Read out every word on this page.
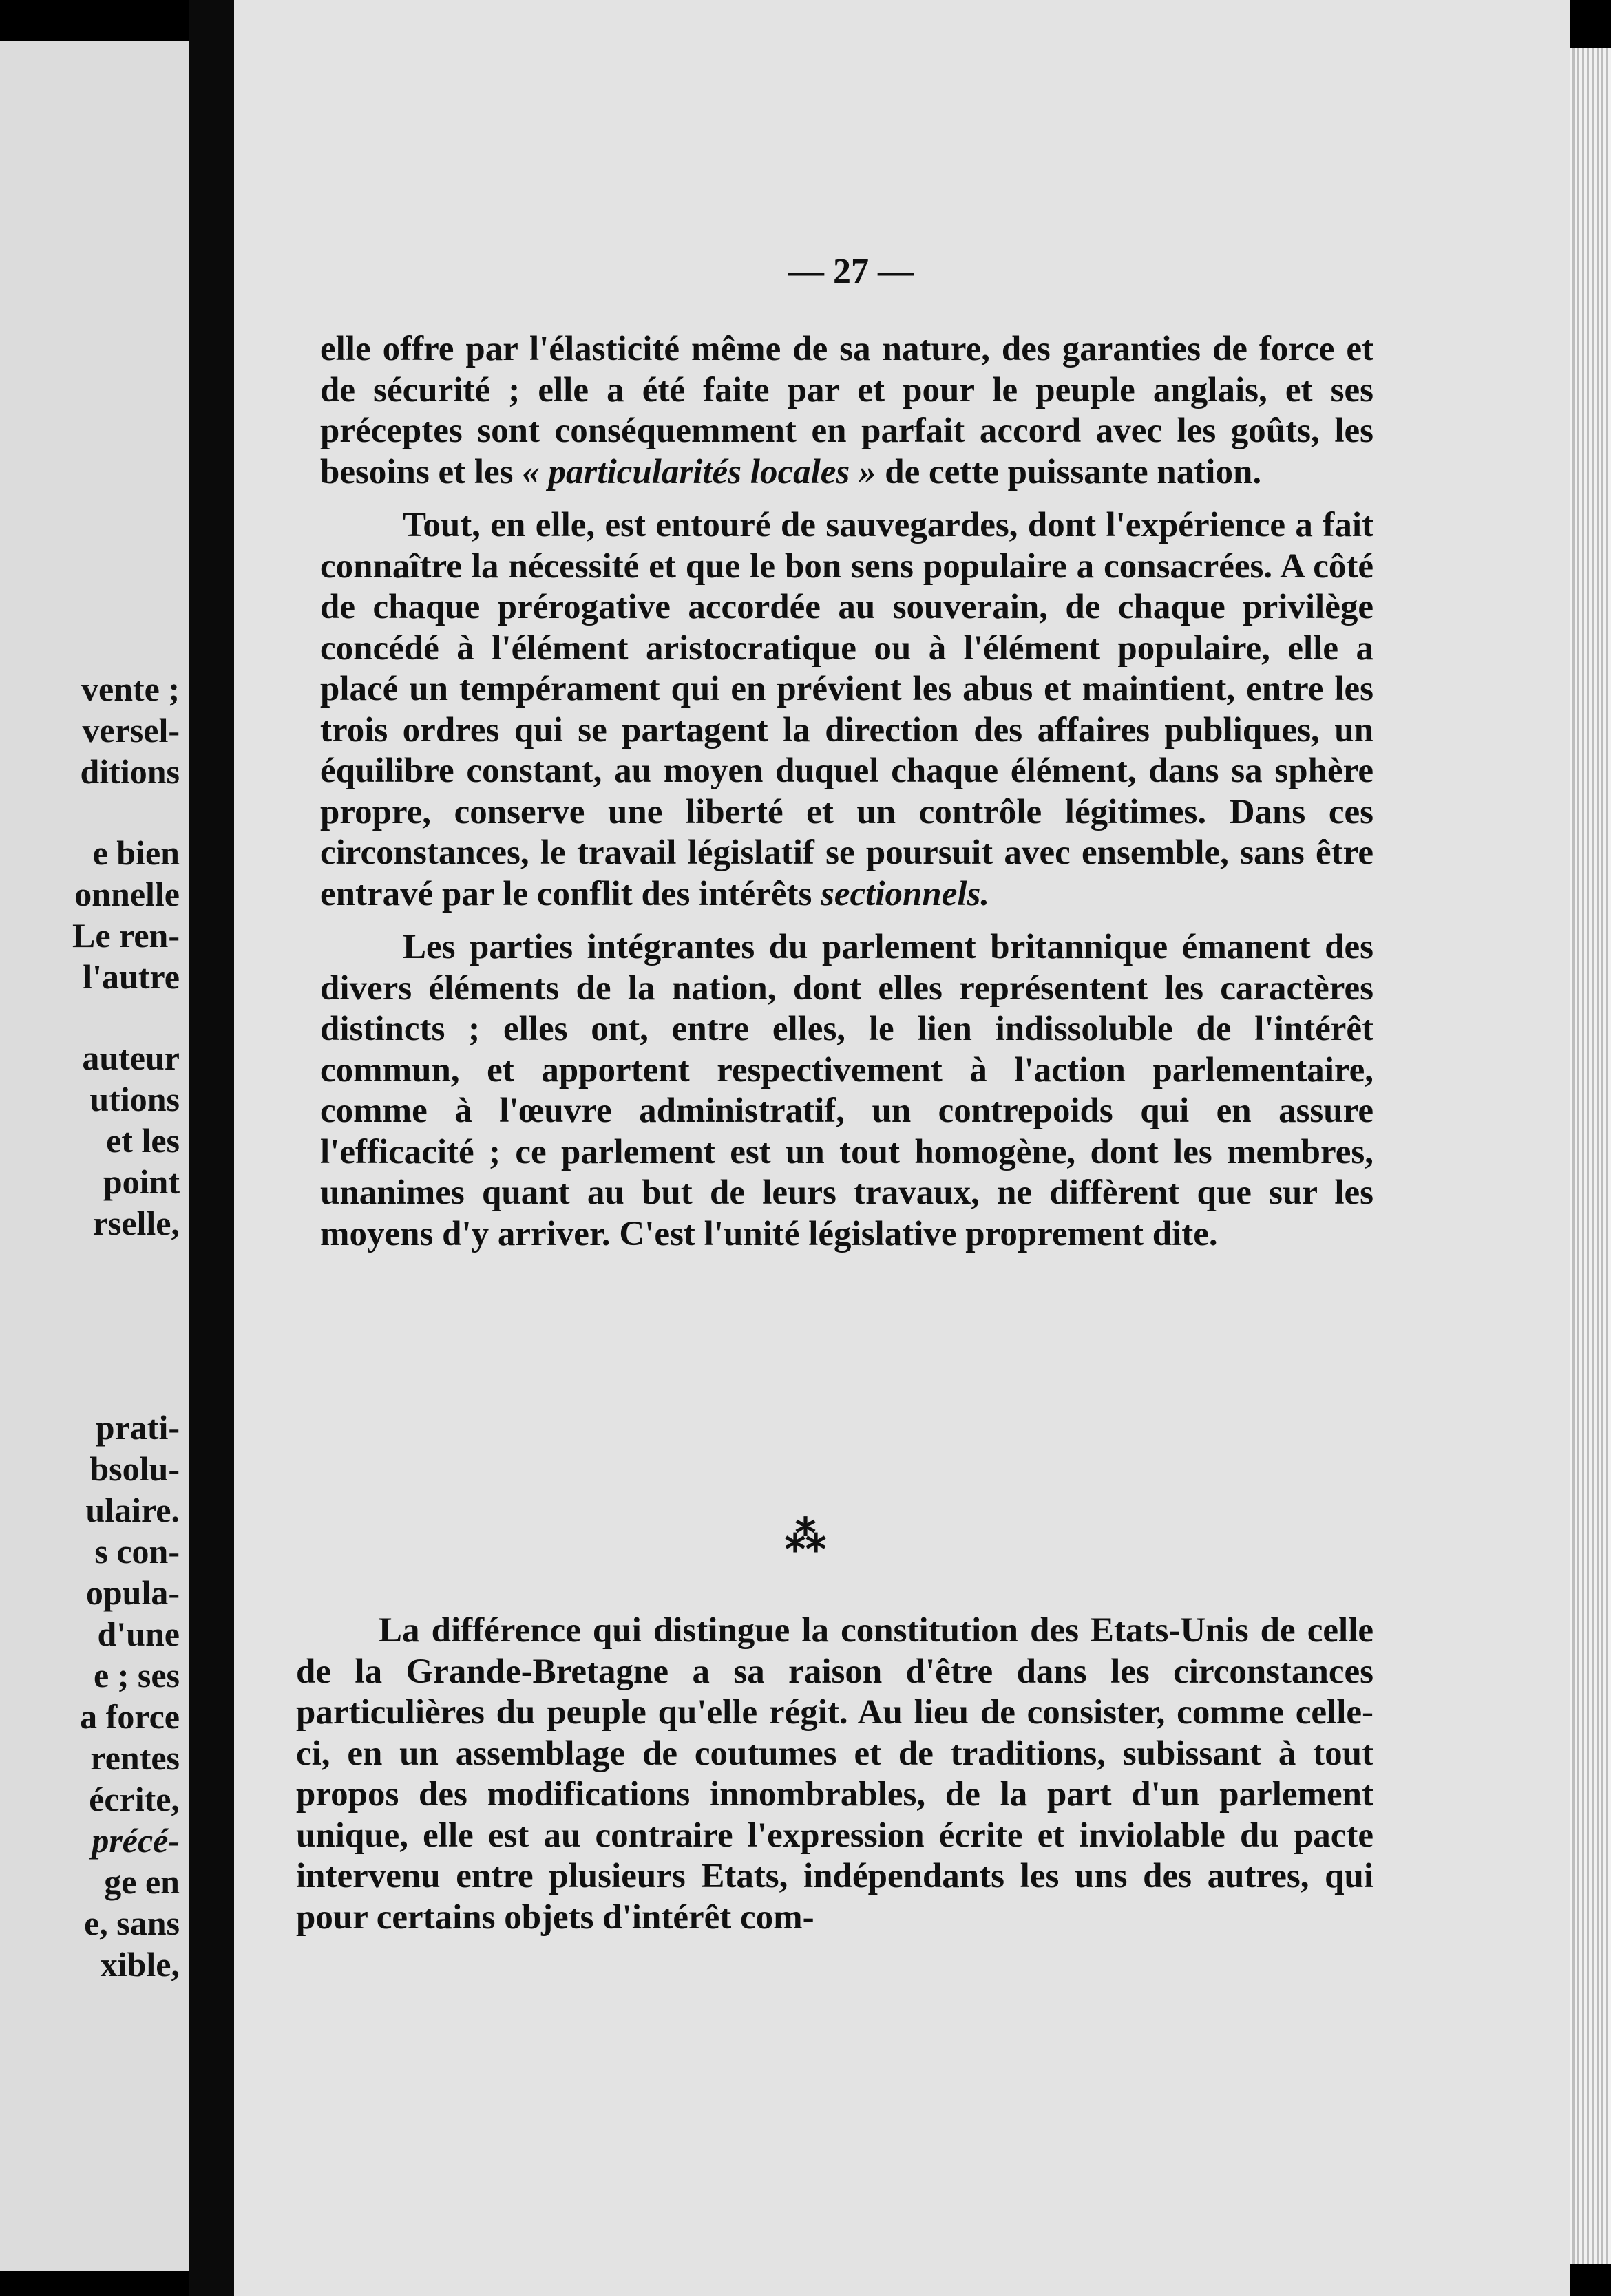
vente ;
versel-
ditions
e bien
onnelle
Le ren-
l'autre
auteur
utions
et les
point
rselle,
prati-
bsolu-
ulaire.
s con-
opula-
d'une
e ; ses
a force
rentes
écrite,
précé-
ge en
e, sans
xible,
— 27 —

elle offre par l'élasticité même de sa nature, des garanties de force et de sécurité ; elle a été faite par et pour le peuple anglais, et ses préceptes sont conséquemment en parfait accord avec les goûts, les besoins et les « particularités locales » de cette puissante nation.

Tout, en elle, est entouré de sauvegardes, dont l'expérience a fait connaître la nécessité et que le bon sens populaire a consacrées. A côté de chaque prérogative accordée au souverain, de chaque privilège concédé à l'élément aristocratique ou à l'élément populaire, elle a placé un tempérament qui en prévient les abus et maintient, entre les trois ordres qui se partagent la direction des affaires publiques, un équilibre constant, au moyen duquel chaque élément, dans sa sphère propre, conserve une liberté et un contrôle légitimes. Dans ces circonstances, le travail législatif se poursuit avec ensemble, sans être entravé par le conflit des intérêts sectionnels.

Les parties intégrantes du parlement britannique émanent des divers éléments de la nation, dont elles représentent les caractères distincts ; elles ont, entre elles, le lien indissoluble de l'intérêt commun, et apportent respectivement à l'action parlementaire, comme à l'œuvre administratif, un contrepoids qui en assure l'efficacité ; ce parlement est un tout homogène, dont les membres, unanimes quant au but de leurs travaux, ne diffèrent que sur les moyens d'y arriver. C'est l'unité législative proprement dite.

⁂

La différence qui distingue la constitution des Etats-Unis de celle de la Grande-Bretagne a sa raison d'être dans les circonstances particulières du peuple qu'elle régit. Au lieu de consister, comme celle-ci, en un assemblage de coutumes et de traditions, subissant à tout propos des modifications innombrables, de la part d'un parlement unique, elle est au contraire l'expression écrite et inviolable du pacte intervenu entre plusieurs Etats, indépendants les uns des autres, qui pour certains objets d'intérêt com-
